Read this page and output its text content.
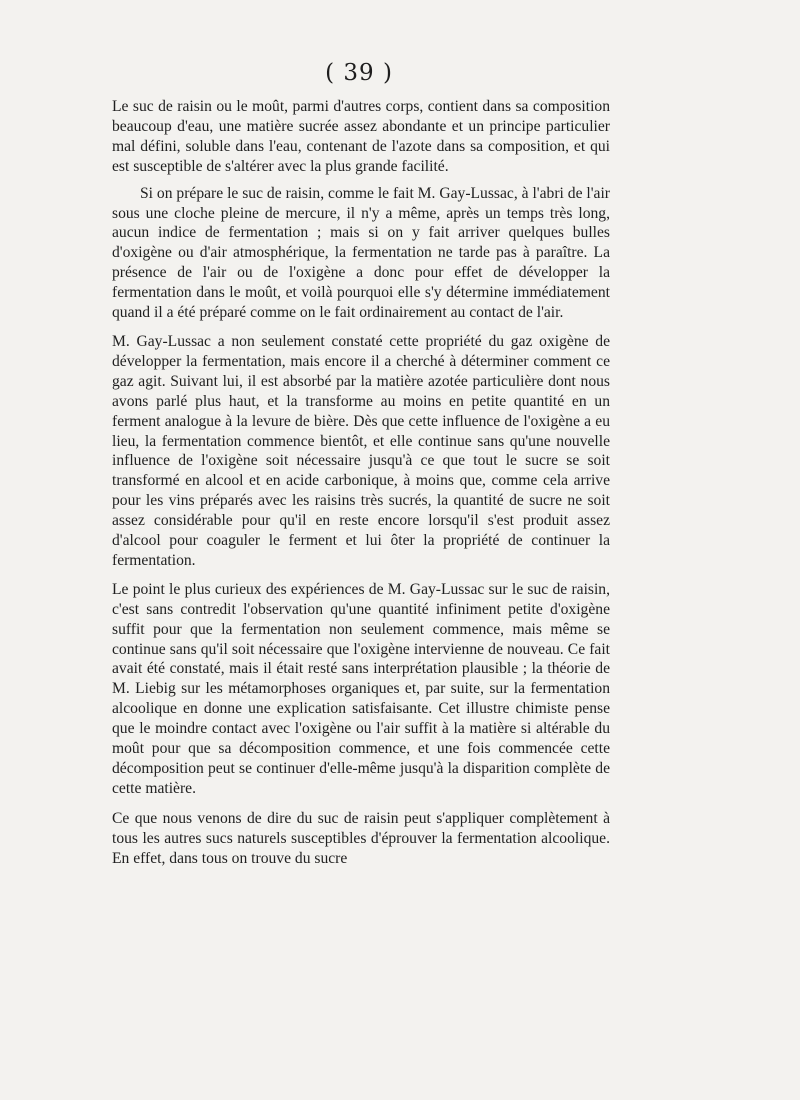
( 39 )

Le suc de raisin ou le moût, parmi d'autres corps, contient dans sa composition beaucoup d'eau, une matière sucrée assez abondante et un principe particulier mal défini, soluble dans l'eau, contenant de l'azote dans sa composition, et qui est susceptible de s'altérer avec la plus grande facilité.

Si on prépare le suc de raisin, comme le fait M. Gay-Lussac, à l'abri de l'air sous une cloche pleine de mercure, il n'y a même, après un temps très long, aucun indice de fermentation ; mais si on y fait arriver quelques bulles d'oxigène ou d'air atmosphérique, la fermentation ne tarde pas à paraître. La présence de l'air ou de l'oxigène a donc pour effet de développer la fermentation dans le moût, et voilà pourquoi elle s'y détermine immédiatement quand il a été préparé comme on le fait ordinairement au contact de l'air.

M. Gay-Lussac a non seulement constaté cette propriété du gaz oxigène de développer la fermentation, mais encore il a cherché à déterminer comment ce gaz agit. Suivant lui, il est absorbé par la matière azotée particulière dont nous avons parlé plus haut, et la transforme au moins en petite quantité en un ferment analogue à la levure de bière. Dès que cette influence de l'oxigène a eu lieu, la fermentation commence bientôt, et elle continue sans qu'une nouvelle influence de l'oxigène soit nécessaire jusqu'à ce que tout le sucre se soit transformé en alcool et en acide carbonique, à moins que, comme cela arrive pour les vins préparés avec les raisins très sucrés, la quantité de sucre ne soit assez considérable pour qu'il en reste encore lorsqu'il s'est produit assez d'alcool pour coaguler le ferment et lui ôter la propriété de continuer la fermentation.

Le point le plus curieux des expériences de M. Gay-Lussac sur le suc de raisin, c'est sans contredit l'observation qu'une quantité infiniment petite d'oxigène suffit pour que la fermentation non seulement commence, mais même se continue sans qu'il soit nécessaire que l'oxigène intervienne de nouveau. Ce fait avait été constaté, mais il était resté sans interprétation plausible ; la théorie de M. Liebig sur les métamorphoses organiques et, par suite, sur la fermentation alcoolique en donne une explication satisfaisante. Cet illustre chimiste pense que le moindre contact avec l'oxigène ou l'air suffit à la matière si altérable du moût pour que sa décomposition commence, et une fois commencée cette décomposition peut se continuer d'elle-même jusqu'à la disparition complète de cette matière.

Ce que nous venons de dire du suc de raisin peut s'appliquer complètement à tous les autres sucs naturels susceptibles d'éprouver la fermentation alcoolique. En effet, dans tous on trouve du sucre
